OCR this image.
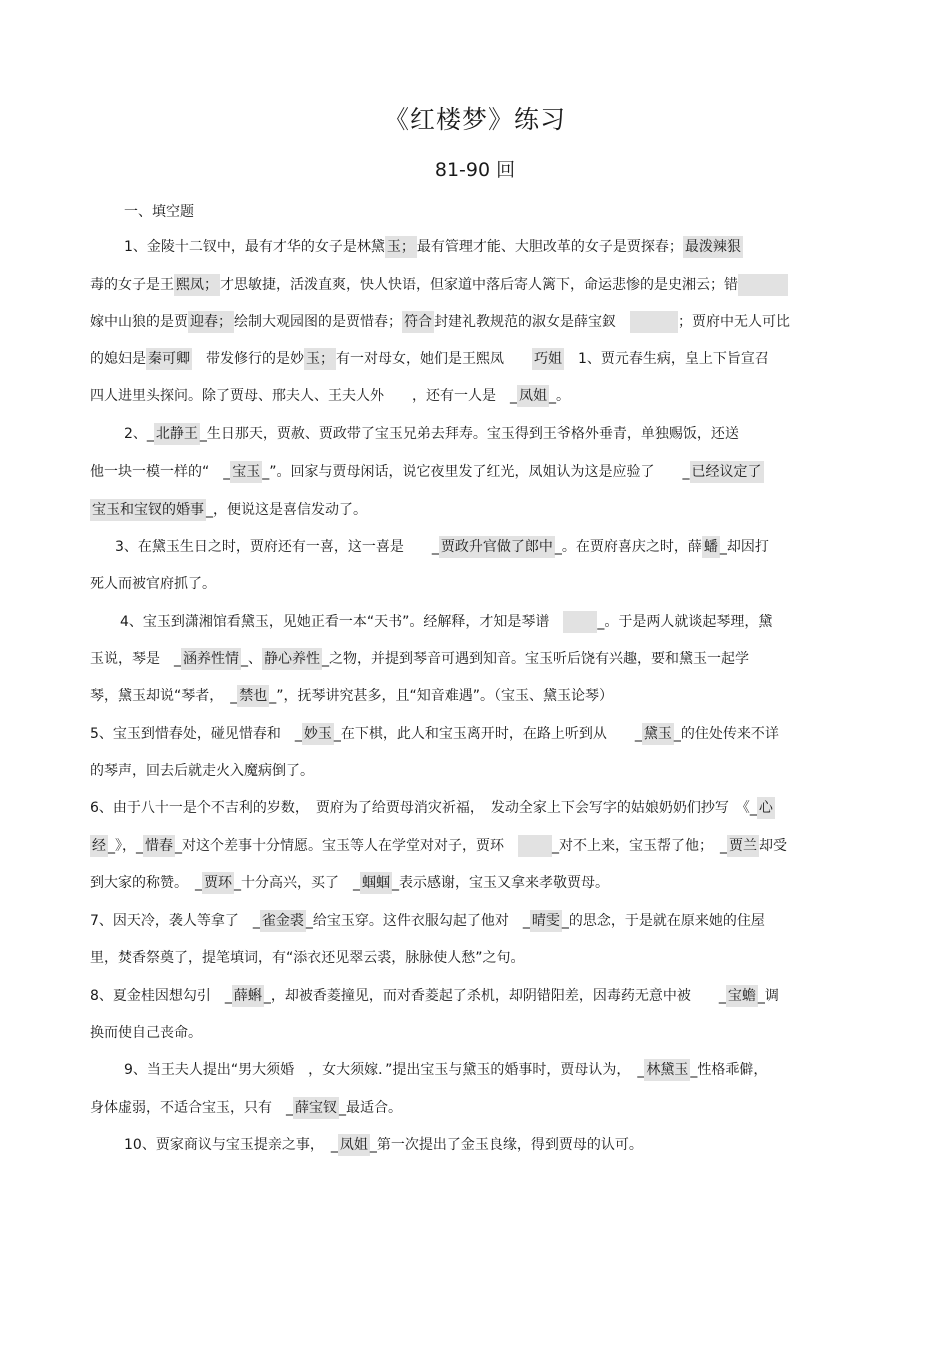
《红楼梦》练习
81-90 回
一、填空题
1、金陵十二钗中，最有才华的女子是林黛 玉； 最有管理才能、大胆改革的女子是贾探春； 最泼辣狠
毒的女子是王 熙凤； 才思敏捷，活泼直爽，快人快语，但家道中落后寄人篱下，命运悲惨的是史湘云；错
嫁中山狼的是贾 迎春； 绘制大观园图的是贾惜春； 符合 封建礼教规范的淑女是薛宝釵　	；贾府中无人可比
的媳妇是 秦可卿　带发修行的是妙 玉； 有一对母女，她们是王熙凤　　巧姐　1、贾元春生病，皇上下旨宣召
四人进里头探问。除了贾母、邢夫人、王夫人外　　，还有一人是　_ 凤姐 _。
2、_ 北静王 _生日那天，贾赦、贾政带了宝玉兄弟去拜寿。宝玉得到王爷格外垂青，单独赐饭，还送
他一块一模一样的“　_ 宝玉 _”。回家与贾母闲话，说它夜里发了红光，凤姐认为这是应验了　　_ 已经议定了
宝玉和宝钗的婚事 _，便说这是喜信发动了。
3、在黛玉生日之时，贾府还有一喜，这一喜是　　_ 贾政升官做了郎中 _。在贾府喜庆之时，薛 蟠 _却因打
死人而被官府抓了。
4、宝玉到潇湘馆看黛玉，见她正看一本“天书”。经解释，才知是琴谱　_。于是两人就谈起琴理，黛
玉说，琴是　_ 涵养性情 _、 静心养性 _之物，并提到琴音可遇到知音。宝玉听后饶有兴趣，要和黛玉一起学
琴，黛玉却说“琴者，　_ 禁也 _”，抚琴讲究甚多，且“知音难遇”。（宝玉、黛玉论琴）
5、宝玉到惜春处，碰见惜春和　_ 妙玉 _在下棋，此人和宝玉离开时，在路上听到从　　_ 黛玉 _的住处传来不详
的琴声，回去后就走火入魔病倒了。
6、由于八十一是个不吉利的岁数，　贾府为了给贾母消灾祈福，　发动全家上下会写字的姑娘奶奶们抄写　《_ 心
经 _》，_ 惜春 _对这个差事十分情愿。宝玉等人在学堂对对子，贾环　_对不上来，宝玉帮了他；　_ 贾兰 却受
到大家的称赞。　_ 贾环 _十分高兴，买了　_ 蝈蝈 _表示感谢，宝玉又拿来孝敬贾母。
7、因天冷，袭人等拿了　_ 雀金裘 _给宝玉穿。这件衣服勾起了他对　_ 晴雯 _的思念，于是就在原来她的住屋
里，焚香祭奠了，提笔填词，有“添衣还见翠云裘，脉脉使人愁”之句。
8、夏金桂因想勾引　_ 薛蝌 _，却被香菱撞见，而对香菱起了杀机，却阴错阳差，因毒药无意中被　　_ 宝蟾 _调
换而使自己丧命。
9、当王夫人提出“男大须婚　，女大须嫁．”提出宝玉与黛玉的婚事时，贾母认为，　_ 林黛玉 _性格乖僻，
身体虚弱，不适合宝玉，只有　_ 薛宝钗 _最适合。
10、贾家商议与宝玉提亲之事，　_ 凤姐 _第一次提出了金玉良缘，得到贾母的认可。
